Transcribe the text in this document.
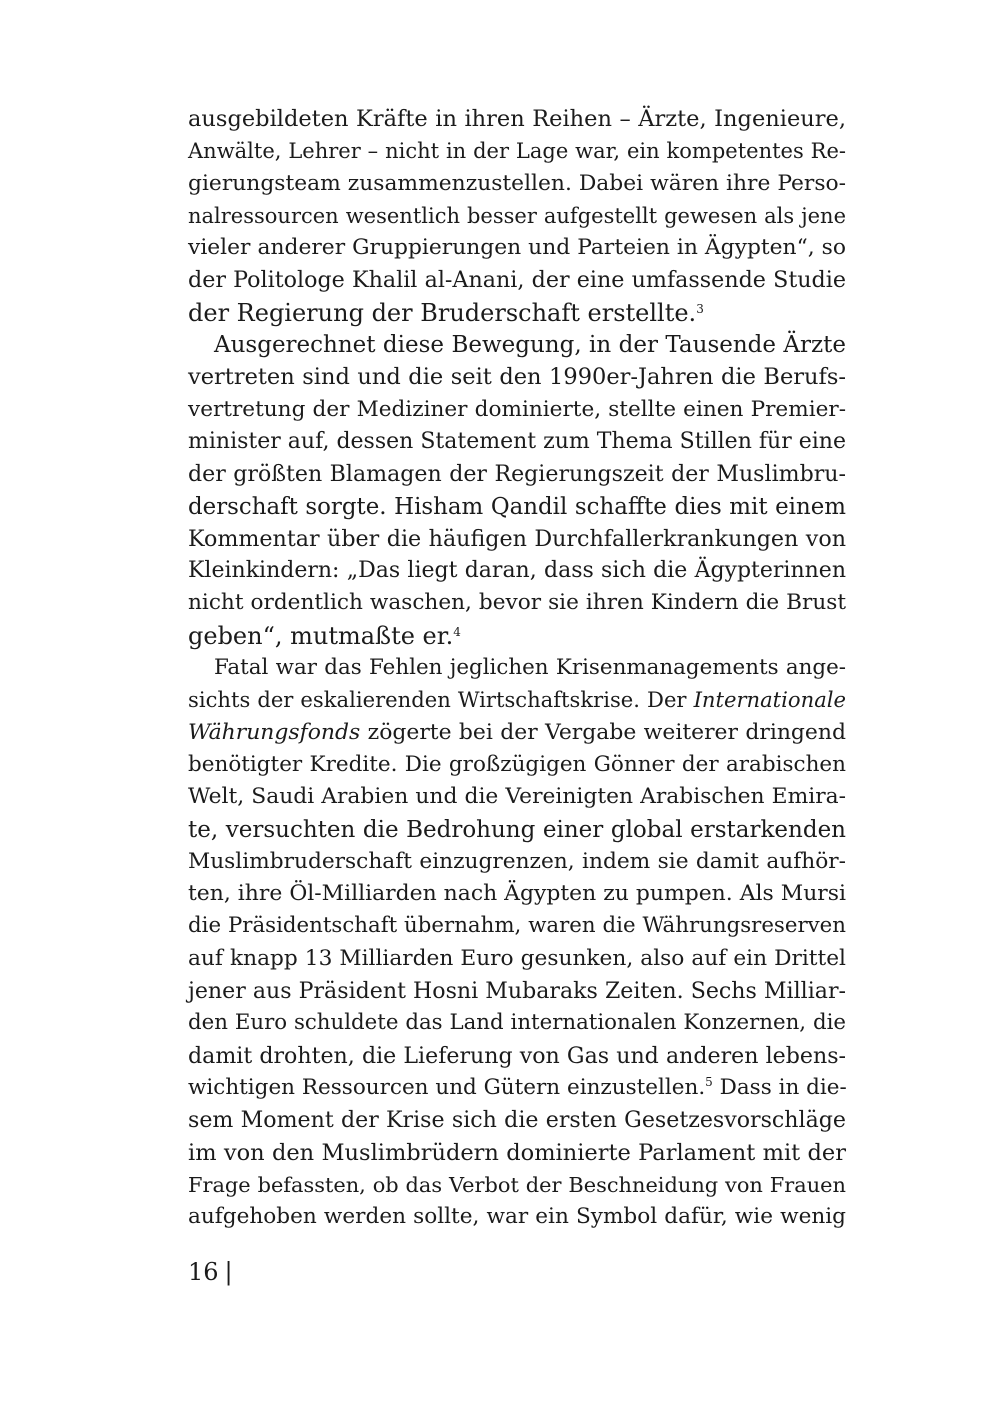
ausgebildeten Kräfte in ihren Reihen – Ärzte, Ingenieure,
Anwälte, Lehrer – nicht in der Lage war, ein kompetentes Re-
gierungsteam zusammenzustellen. Dabei wären ihre Perso-
nalressourcen wesentlich besser aufgestellt gewesen als jene
vieler anderer Gruppierungen und Parteien in Ägypten“, so
der Politologe Khalil al-Anani, der eine umfassende Studie
der Regierung der Bruderschaft erstellte.$^3$
Ausgerechnet diese Bewegung, in der Tausende Ärzte
vertreten sind und die seit den 1990er-Jahren die Berufs-
vertretung der Mediziner dominierte, stellte einen Premier-
minister auf, dessen Statement zum Thema Stillen für eine
der größten Blamagen der Regierungszeit der Muslimbru-
derschaft sorgte. Hisham Qandil schaffte dies mit einem
Kommentar über die häufigen Durchfallerkrankungen von
Kleinkindern: „Das liegt daran, dass sich die Ägypterinnen
nicht ordentlich waschen, bevor sie ihren Kindern die Brust
geben“, mutmaßte er.$^4$
Fatal war das Fehlen jeglichen Krisenmanagements ange-
sichts der eskalierenden Wirtschaftskrise. Der Internationale
Währungsfonds zögerte bei der Vergabe weiterer dringend
benötigter Kredite. Die großzügigen Gönner der arabischen
Welt, Saudi Arabien und die Vereinigten Arabischen Emira-
te, versuchten die Bedrohung einer global erstarkenden
Muslimbruderschaft einzugrenzen, indem sie damit aufhör-
ten, ihre Öl-Milliarden nach Ägypten zu pumpen. Als Mursi
die Präsidentschaft übernahm, waren die Währungsreserven
auf knapp 13 Milliarden Euro gesunken, also auf ein Drittel
jener aus Präsident Hosni Mubaraks Zeiten. Sechs Milliar-
den Euro schuldete das Land internationalen Konzernen, die
damit drohten, die Lieferung von Gas und anderen lebens-
wichtigen Ressourcen und Gütern einzustellen.$^5$ Dass in die-
sem Moment der Krise sich die ersten Gesetzesvorschläge
im von den Muslimbrüdern dominierte Parlament mit der
Frage befassten, ob das Verbot der Beschneidung von Frauen
aufgehoben werden sollte, war ein Symbol dafür, wie wenig
16 |
